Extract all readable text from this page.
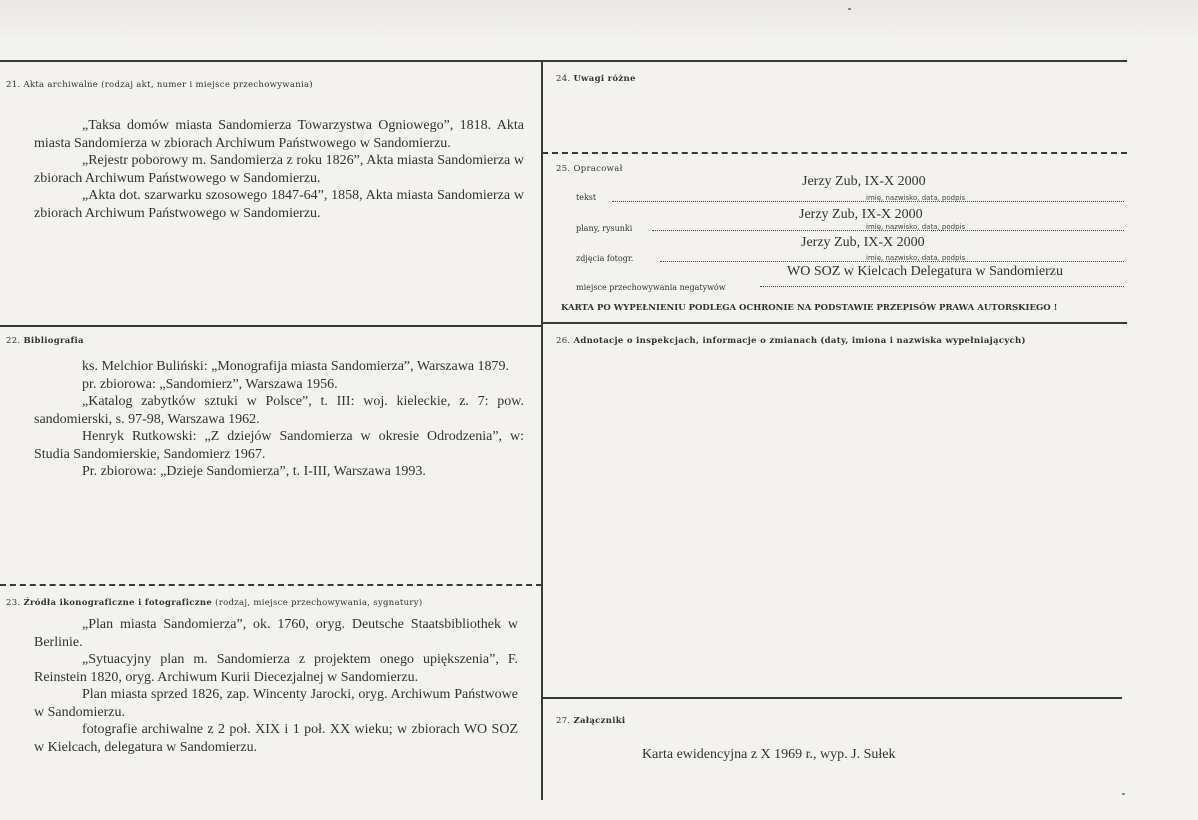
21. Akta archiwalne (rodzaj akt, numer i miejsce przechowywania)

„Taksa domów miasta Sandomierza Towarzystwa Ogniowego”, 1818. Akta miasta Sandomierza w zbiorach Archiwum Państwowego w Sandomierzu.

„Rejestr poborowy m. Sandomierza z roku 1826”, Akta miasta Sandomierza w zbiorach Archiwum Państwowego w Sandomierzu.

„Akta dot. szarwarku szosowego 1847-64”, 1858, Akta miasta Sandomierza w zbiorach Archiwum Państwowego w Sandomierzu.

22. Bibliografia

ks. Melchior Buliński: „Monografija miasta Sandomierza”, Warszawa 1879.

pr. zbiorowa: „Sandomierz”, Warszawa 1956.

„Katalog zabytków sztuki w Polsce”, t. III: woj. kieleckie, z. 7: pow. sandomierski, s. 97-98, Warszawa 1962.

Henryk Rutkowski: „Z dziejów Sandomierza w okresie Odrodzenia”, w: Studia Sandomierskie, Sandomierz 1967.

Pr. zbiorowa: „Dzieje Sandomierza”, t. I-III, Warszawa 1993.

23. Źródła ikonograficzne i fotograficzne (rodzaj, miejsce przechowywania, sygnatury)

„Plan miasta Sandomierza”, ok. 1760, oryg. Deutsche Staatsbibliothek w Berlinie.

„Sytuacyjny plan m. Sandomierza z projektem onego upiększenia”, F. Reinstein 1820, oryg. Archiwum Kurii Diecezjalnej w Sandomierzu.

Plan miasta sprzed 1826, zap. Wincenty Jarocki, oryg. Archiwum Państwowe w Sandomierzu.

fotografie archiwalne z 2 poł. XIX i 1 poł. XX wieku; w zbiorach WO SOZ w Kielcach, delegatura w Sandomierzu.

24. Uwagi różne
25. Opracował
tekst
Jerzy Zub, IX-X 2000
imię, nazwisko, data, podpis
plany, rysunki
Jerzy Zub, IX-X 2000
imię, nazwisko, data, podpis
zdjęcia fotogr.
Jerzy Zub, IX-X 2000
imię, nazwisko, data, podpis
miejsce przechowywania negatywów
WO SOZ w Kielcach Delegatura w Sandomierzu
KARTA PO WYPEŁNIENIU PODLEGA OCHRONIE NA PODSTAWIE PRZEPISÓW PRAWA AUTORSKIEGO !
26. Adnotacje o inspekcjach, informacje o zmianach (daty, imiona i nazwiska wypełniających)
27. Załączniki
Karta ewidencyjna z X 1969 r., wyp. J. Sułek
